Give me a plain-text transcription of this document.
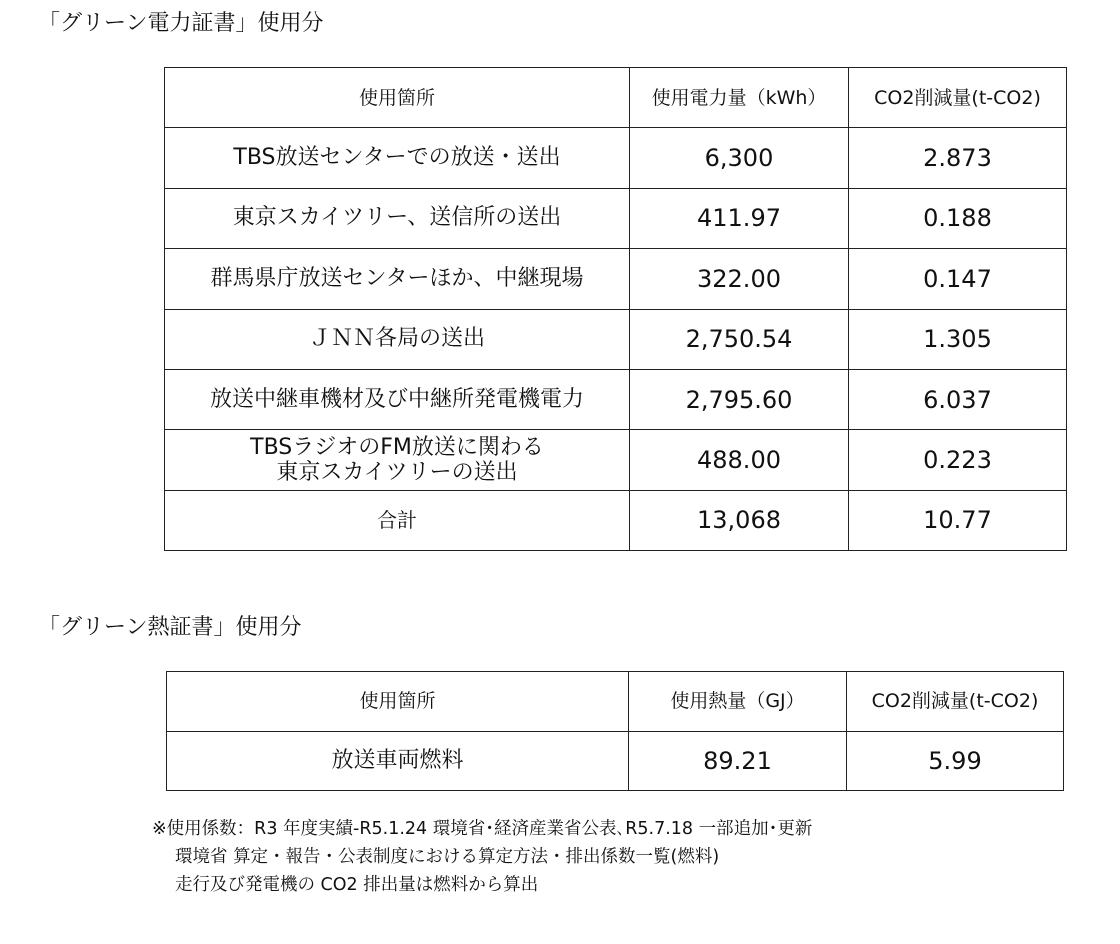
「グリーン電力証書」使用分
使用箇所	使用電力量（kWh）	CO2削減量(t-CO2)
TBS放送センターでの放送・送出	6,300	2.873
東京スカイツリー、送信所の送出	411.97	0.188
群馬県庁放送センターほか、中継現場	322.00	0.147
ＪＮＮ各局の送出	2,750.54	1.305
放送中継車機材及び中継所発電機電力	2,795.60	6.037

TBSラジオのFM放送に関わる
東京スカイツリーの送出	488.00	0.223
合計	13,068	10.77
「グリーン熱証書」使用分
使用箇所	使用熱量（GJ）	CO2削減量(t-CO2)
放送車両燃料	89.21	5.99
※使用係数：R3 年度実績-R5.1.24 環境省･経済産業省公表､R5.7.18 一部追加･更新
環境省 算定・報告・公表制度における算定方法・排出係数一覧(燃料)
走行及び発電機の CO2 排出量は燃料から算出
